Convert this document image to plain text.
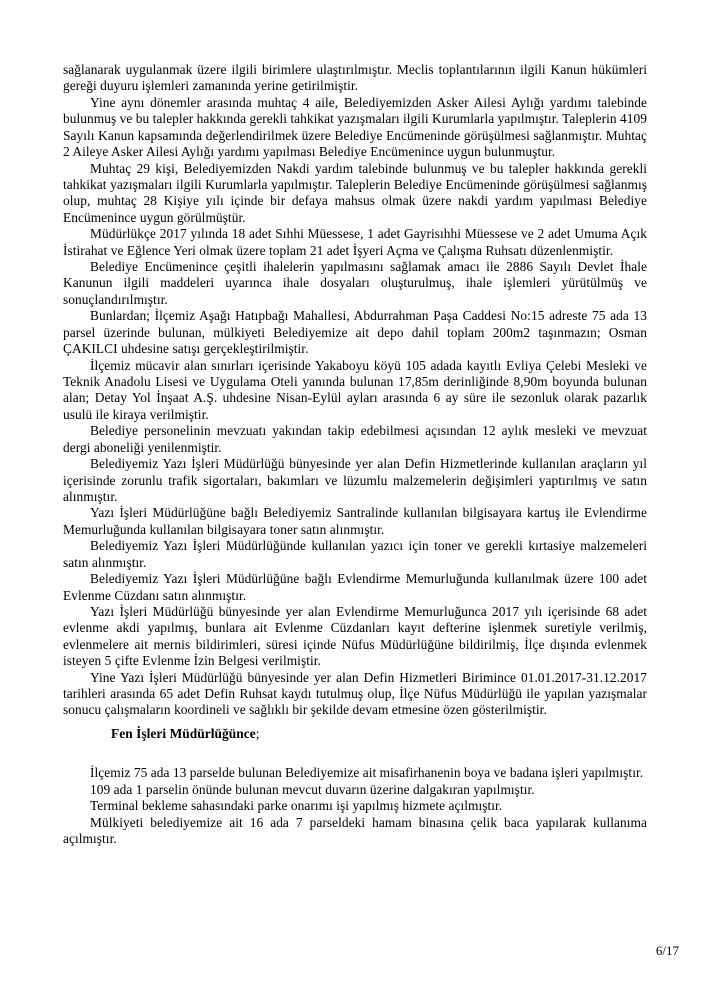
sağlanarak uygulanmak üzere ilgili birimlere ulaştırılmıştır. Meclis toplantılarının ilgili Kanun hükümleri gereği duyuru işlemleri zamanında yerine getirilmiştir.

Yine aynı dönemler arasında muhtaç 4 aile, Belediyemizden Asker Ailesi Aylığı yardımı talebinde bulunmuş ve bu talepler hakkında gerekli tahkikat yazışmaları ilgili Kurumlarla yapılmıştır. Taleplerin 4109 Sayılı Kanun kapsamında değerlendirilmek üzere Belediye Encümeninde görüşülmesi sağlanmıştır. Muhtaç 2 Aileye Asker Ailesi Aylığı yardımı yapılması Belediye Encümenince uygun bulunmuştur.

Muhtaç 29 kişi, Belediyemizden Nakdi yardım talebinde bulunmuş ve bu talepler hakkında gerekli tahkikat yazışmaları ilgili Kurumlarla yapılmıştır. Taleplerin Belediye Encümeninde görüşülmesi sağlanmış olup, muhtaç 28 Kişiye yılı içinde bir defaya mahsus olmak üzere nakdi yardım yapılması Belediye Encümenince uygun görülmüştür.

Müdürlükçe 2017 yılında 18 adet Sıhhi Müessese, 1 adet Gayrisıhhi Müessese ve 2 adet Umuma Açık İstirahat ve Eğlence Yeri olmak üzere toplam 21 adet İşyeri Açma ve Çalışma Ruhsatı düzenlenmiştir.

Belediye Encümenince çeşitli ihalelerin yapılmasını sağlamak amacı ile 2886 Sayılı Devlet İhale Kanunun ilgili maddeleri uyarınca ihale dosyaları oluşturulmuş, ihale işlemleri yürütülmüş ve sonuçlandırılmıştır.

Bunlardan; İlçemiz Aşağı Hatıpbağı Mahallesi, Abdurrahman Paşa Caddesi No:15 adreste 75 ada 13 parsel üzerinde bulunan, mülkiyeti Belediyemize ait depo dahil toplam 200m2 taşınmazın; Osman ÇAKILCI uhdesine satışı gerçekleştirilmiştir.

İlçemiz mücavir alan sınırları içerisinde Yakaboyu köyü 105 adada kayıtlı Evliya Çelebi Mesleki ve Teknik Anadolu Lisesi ve Uygulama Oteli yanında bulunan 17,85m derinliğinde 8,90m boyunda bulunan alan; Detay Yol İnşaat A.Ş. uhdesine Nisan-Eylül ayları arasında 6 ay süre ile sezonluk olarak pazarlık usulü ile kiraya verilmiştir.

Belediye personelinin mevzuatı yakından takip edebilmesi açısından 12 aylık mesleki ve mevzuat dergi aboneliği yenilenmiştir.

Belediyemiz Yazı İşleri Müdürlüğü bünyesinde yer alan Defin Hizmetlerinde kullanılan araçların yıl içerisinde zorunlu trafik sigortaları, bakımları ve lüzumlu malzemelerin değişimleri yaptırılmış ve satın alınmıştır.

Yazı İşleri Müdürlüğüne bağlı Belediyemiz Santralinde kullanılan bilgisayara kartuş ile Evlendirme Memurluğunda kullanılan bilgisayara toner satın alınmıştır.

Belediyemiz Yazı İşleri Müdürlüğünde kullanılan yazıcı için toner ve gerekli kırtasiye malzemeleri satın alınmıştır.

Belediyemiz Yazı İşleri Müdürlüğüne bağlı Evlendirme Memurluğunda kullanılmak üzere 100 adet Evlenme Cüzdanı satın alınmıştır.

Yazı İşleri Müdürlüğü bünyesinde yer alan Evlendirme Memurluğunca 2017 yılı içerisinde 68 adet evlenme akdi yapılmış, bunlara ait Evlenme Cüzdanları kayıt defterine işlenmek suretiyle verilmiş, evlenmelere ait mernis bildirimleri, süresi içinde Nüfus Müdürlüğüne bildirilmiş, İlçe dışında evlenmek isteyen 5 çifte Evlenme İzin Belgesi verilmiştir.

Yine Yazı İşleri Müdürlüğü bünyesinde yer alan Defin Hizmetleri Birimince 01.01.2017-31.12.2017 tarihleri arasında 65 adet Defin Ruhsat kaydı tutulmuş olup, İlçe Nüfus Müdürlüğü ile yapılan yazışmalar sonucu çalışmaların koordineli ve sağlıklı bir şekilde devam etmesine özen gösterilmiştir.

Fen İşleri Müdürlüğünce;

İlçemiz 75 ada 13 parselde bulunan Belediyemize ait misafirhanenin boya ve badana işleri yapılmıştır.

109 ada 1 parselin önünde bulunan mevcut duvarın üzerine dalgakıran yapılmıştır.

Terminal bekleme sahasındaki parke onarımı işi yapılmış hizmete açılmıştır.

Mülkiyeti belediyemize ait 16 ada 7 parseldeki hamam binasına çelik baca yapılarak kullanıma açılmıştır.

6/17
